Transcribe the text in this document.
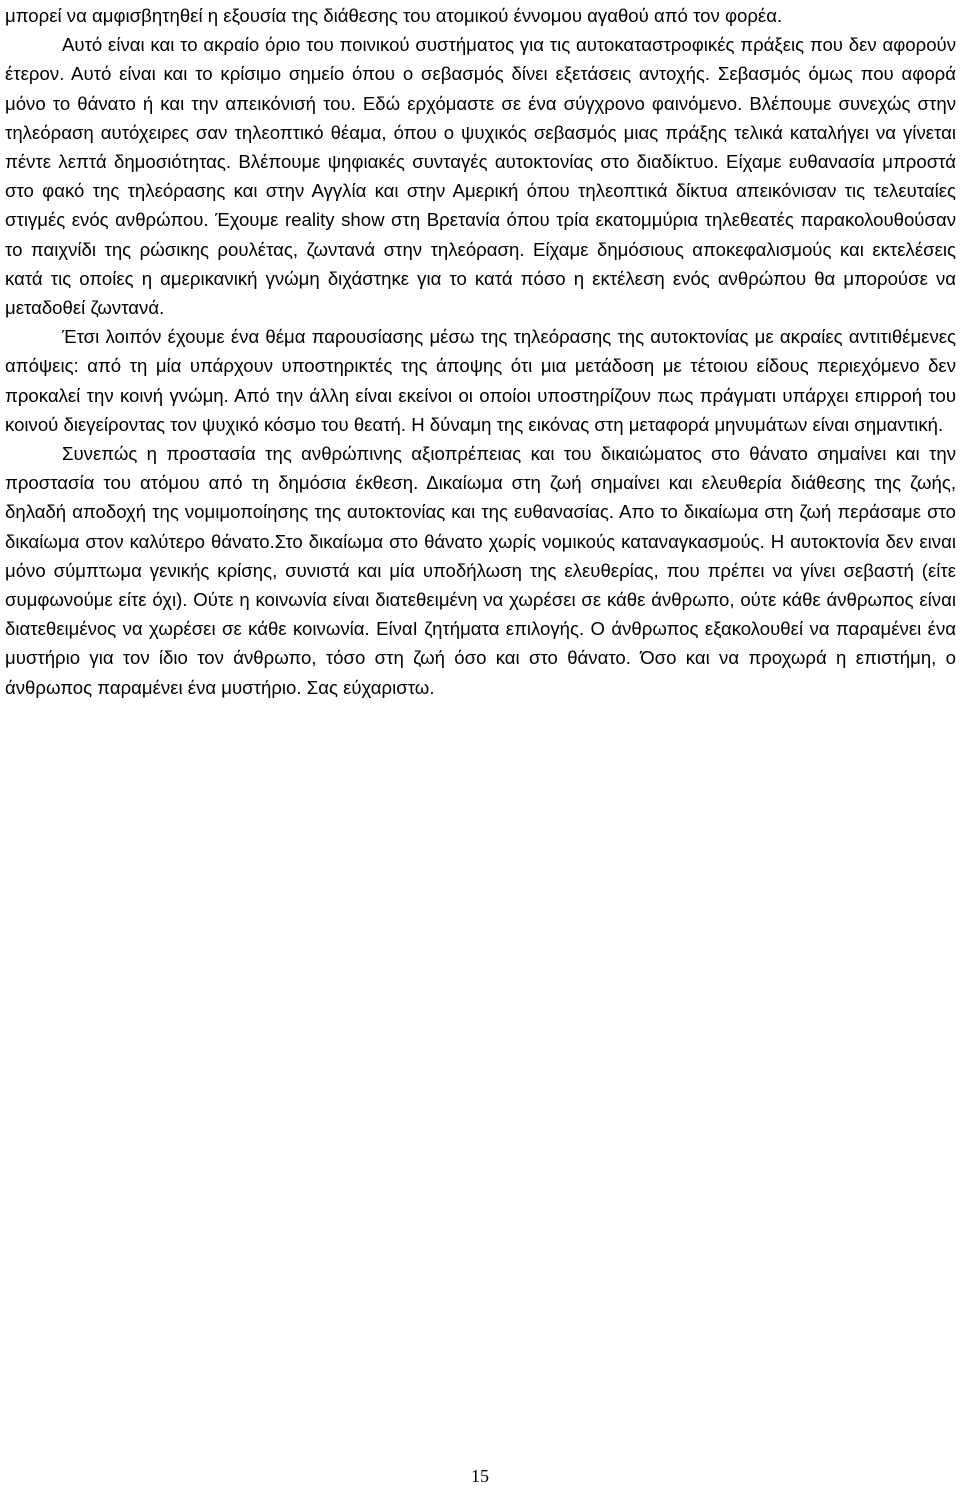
μπορεί να αμφισβητηθεί η εξουσία της διάθεσης του ατομικού έννομου αγαθού από τον φορέα.

Αυτό είναι και το ακραίο όριο του ποινικού συστήματος για τις αυτοκαταστροφικές πράξεις που δεν αφορούν έτερον. Αυτό είναι και το κρίσιμο σημείο όπου ο σεβασμός δίνει εξετάσεις αντοχής. Σεβασμός όμως που αφορά μόνο το θάνατο ή και την απεικόνισή του. Εδώ ερχόμαστε σε ένα σύγχρονο φαινόμενο. Βλέπουμε συνεχώς στην τηλεόραση αυτόχειρες σαν τηλεοπτικό θέαμα, όπου ο ψυχικός σεβασμός μιας πράξης τελικά καταλήγει να γίνεται πέντε λεπτά δημοσιότητας. Βλέπουμε ψηφιακές συνταγές αυτοκτονίας στο διαδίκτυο. Είχαμε ευθανασία μπροστά στο φακό της τηλεόρασης και στην Αγγλία και στην Αμερική όπου τηλεοπτικά δίκτυα απεικόνισαν τις τελευταίες στιγμές ενός ανθρώπου. Έχουμε reality show στη Βρετανία όπου τρία εκατομμύρια τηλεθεατές παρακολουθούσαν το παιχνίδι της ρώσικης ρουλέτας, ζωντανά στην τηλεόραση. Είχαμε δημόσιους αποκεφαλισμούς και εκτελέσεις κατά τις οποίες η αμερικανική γνώμη διχάστηκε για το κατά πόσο η εκτέλεση ενός ανθρώπου θα μπορούσε να μεταδοθεί ζωντανά.

Έτσι λοιπόν έχουμε ένα θέμα παρουσίασης μέσω της τηλεόρασης της αυτοκτονίας με ακραίες αντιτιθέμενες απόψεις: από τη μία υπάρχουν υποστηρικτές της άποψης ότι μια μετάδοση με τέτοιου είδους περιεχόμενο δεν προκαλεί την κοινή γνώμη. Από την άλλη είναι εκείνοι οι οποίοι υποστηρίζουν πως πράγματι υπάρχει επιρροή του κοινού διεγείροντας τον ψυχικό κόσμο του θεατή. Η δύναμη της εικόνας στη μεταφορά μηνυμάτων είναι σημαντική.

Συνεπώς η προστασία της ανθρώπινης αξιοπρέπειας και του δικαιώματος στο θάνατο σημαίνει και την προστασία του ατόμου από τη δημόσια έκθεση. Δικαίωμα στη ζωή σημαίνει και ελευθερία διάθεσης της ζωής, δηλαδή αποδοχή της νομιμοποίησης της αυτοκτονίας και της ευθανασίας. Απο το δικαίωμα στη ζωή περάσαμε στο δικαίωμα στον καλύτερο θάνατο.Στο δικαίωμα στο θάνατο χωρίς νομικούς καταναγκασμούς. Η αυτοκτονία δεν ειναι μόνο σύμπτωμα γενικής κρίσης, συνιστά και μία υποδήλωση της ελευθερίας, που πρέπει να γίνει σεβαστή (είτε συμφωνούμε είτε όχι). Ούτε η κοινωνία είναι διατεθειμένη να χωρέσει σε κάθε άνθρωπο, ούτε κάθε άνθρωπος είναι διατεθειμένος να χωρέσει σε κάθε κοινωνία. ΕίναΙ ζητήματα επιλογής. Ο άνθρωπος εξακολουθεί να παραμένει ένα μυστήριο για τον ίδιο τον άνθρωπο, τόσο στη ζωή όσο και στο θάνατο. Όσο και να προχωρά η επιστήμη, ο άνθρωπος παραμένει ένα μυστήριο. Σας εύχαριστω.

15
